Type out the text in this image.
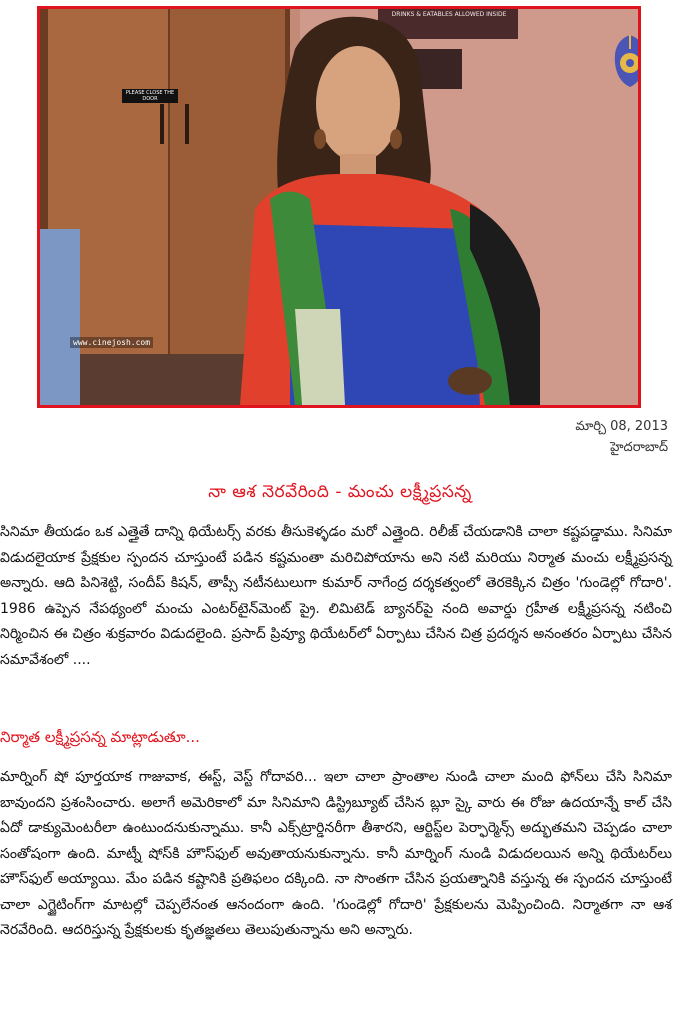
PLEASE CLOSE THE DOOR
DRINKS & EATABLES ALLOWED INSIDE
www.cinejosh.com
మార్చి 08, 2013
హైదరాబాద్
నా ఆశ నెరవేరింది - మంచు లక్ష్మీప్రసన్న

సినిమా తీయడం ఒక ఎత్తైతే దాన్ని థియేటర్స్ వరకు తీసుకెళ్ళడం మరో ఎత్తైంది. రిలీజ్ చేయడానికి చాలా కష్టపడ్డాము. సినిమా విడుదలైయాక ప్రేక్షకుల స్పందన చూస్తుంటే పడిన కష్టమంతా మరిచిపోయాను అని నటి మరియు నిర్మాత మంచు లక్ష్మీప్రసన్న అన్నారు. ఆది పినిశెట్టి, సందీప్ కిషన్, తాప్సీ నటీనటులుగా కుమార్ నాగేంద్ర దర్శకత్వంలో తెరకెక్కిన చిత్రం 'గుండెల్లో గోదారి'. 1986 ఉప్పెన నేపథ్యంలో మంచు ఎంటర్‌టైన్‌మెంట్ ప్రై. లిమిటెడ్ బ్యానర్‌పై నంది అవార్డు గ్రహీత లక్ష్మీప్రసన్న నటించి నిర్మించిన ఈ చిత్రం శుక్రవారం విడుదలైంది. ప్రసాద్ ప్రివ్యూ థియేటర్‌లో ఏర్పాటు చేసిన చిత్ర ప్రదర్శన అనంతరం ఏర్పాటు చేసిన సమావేశంలో ....

నిర్మాత లక్ష్మీప్రసన్న మాట్లాడుతూ...

మార్నింగ్ షో పూర్తయాక గాజువాక, ఈస్ట్, వెస్ట్ గోదావరి... ఇలా చాలా ప్రాంతాల నుండి చాలా మంది ఫోన్‌లు చేసి సినిమా బావుందని ప్రశంసించారు. అలాగే అమెరికాలో మా సినిమాని డిస్ట్రిబ్యూట్ చేసిన బ్లూ స్కై వారు ఈ రోజు ఉదయాన్నే కాల్ చేసి ఏదో డాక్యుమెంటరీలా ఉంటుందనుకున్నాము. కానీ ఎక్స్‌ట్రార్డినరీగా తీశారని, ఆర్టిస్ట్‌ల పెర్ఫార్మెన్స్ అద్భుతమని చెప్పడం చాలా సంతోషంగా ఉంది. మాట్నీ షోస్‌కి హౌస్‌ఫుల్ అవుతాయనుకున్నాను. కానీ మార్నింగ్ నుండి విడుదలయిన అన్ని థియేటర్‌లు హౌస్‌ఫుల్ అయ్యాయి. మేం పడిన కష్టానికి ప్రతిఫలం దక్కింది. నా సొంతగా చేసిన ప్రయత్నానికి వస్తున్న ఈ స్పందన చూస్తుంటే చాలా ఎగ్జైటింగ్‌గా మాటల్లో చెప్పలేనంత ఆనందంగా ఉంది. 'గుండెల్లో గోదారి' ప్రేక్షకులను మెప్పించింది. నిర్మాతగా నా ఆశ నెరవేరింది. ఆదరిస్తున్న ప్రేక్షకులకు కృతజ్ఞతలు తెలుపుతున్నాను అని అన్నారు.
